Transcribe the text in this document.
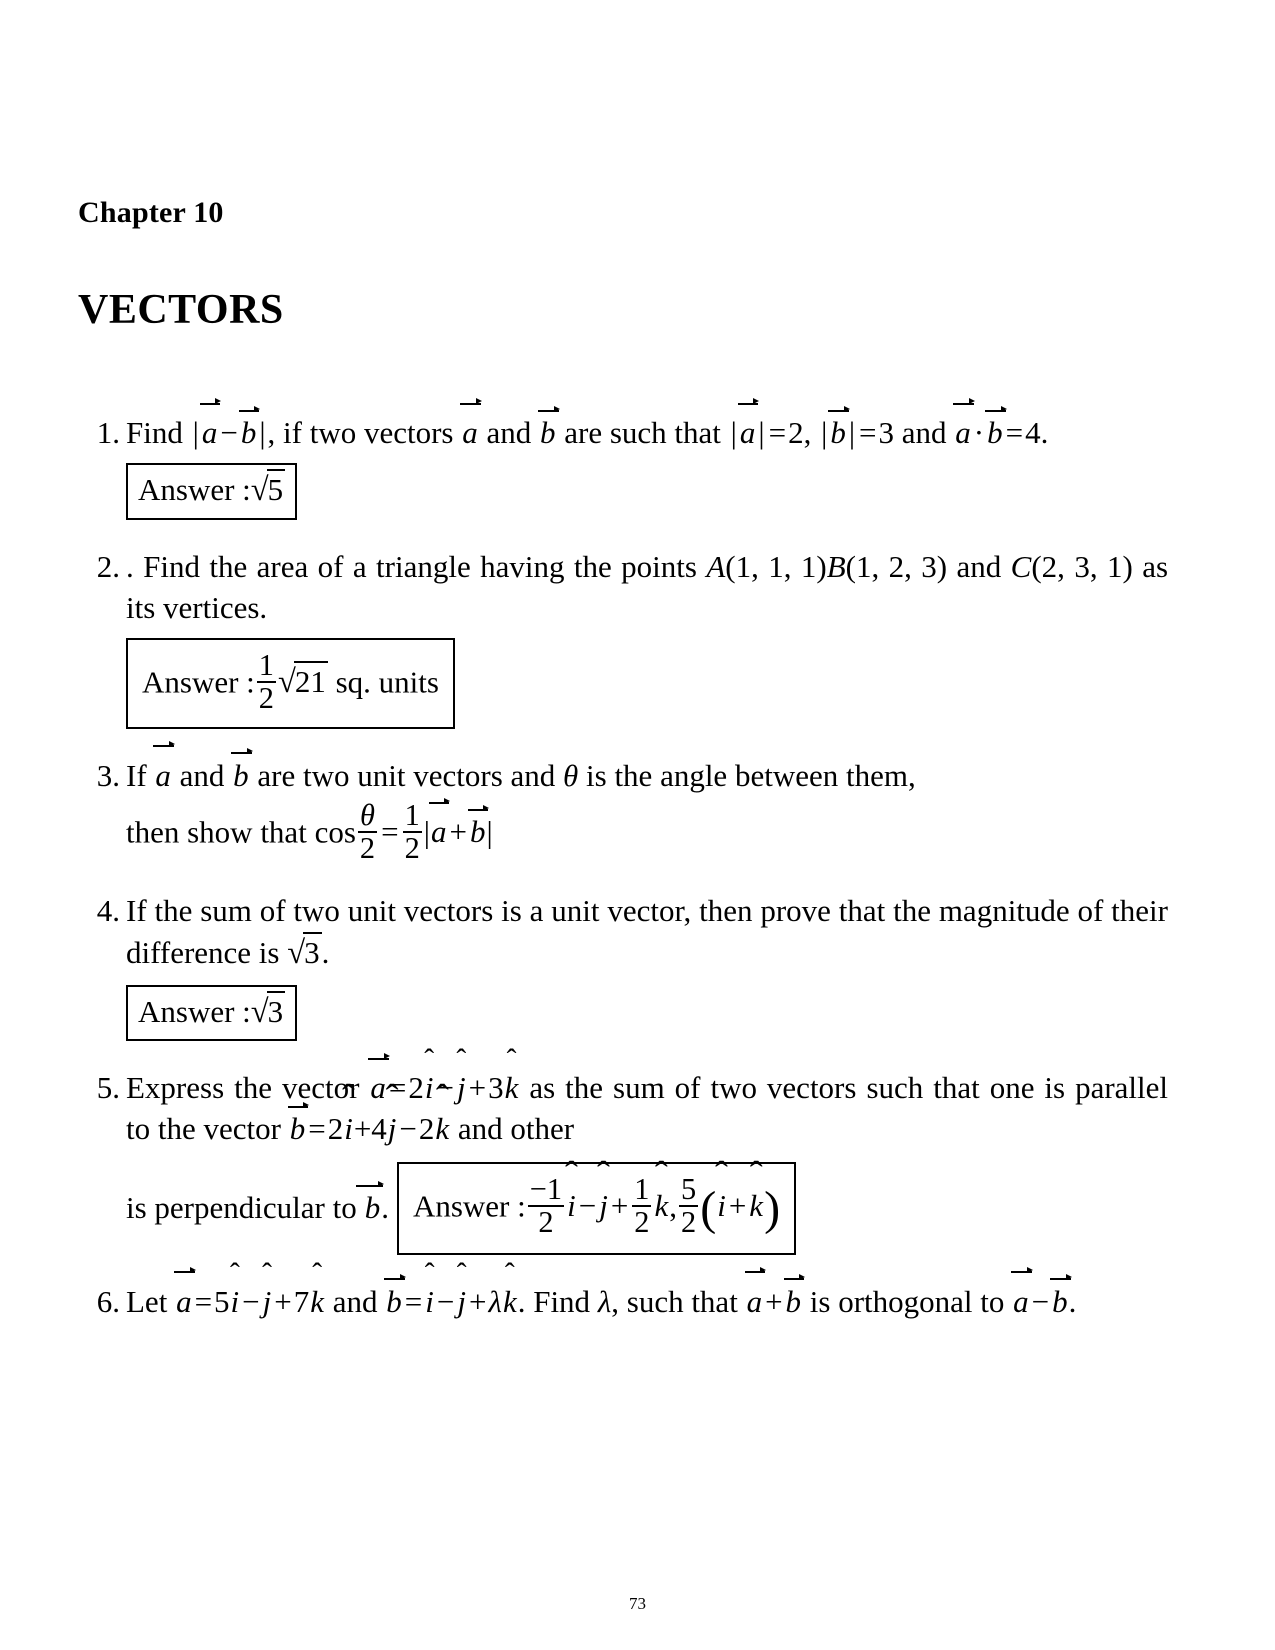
Chapter 10
VECTORS
1. Find |a−b|, if two vectors a and b are such that |a| =2, |b| =3 and a·b=4.
Answer :√5
2. . Find the area of a triangle having the points A(1, 1, 1)B(1, 2, 3) and C(2, 3, 1) as its vertices.
Answer : $\frac{1}{2} √21$ sq. units
3. If a and b are two unit vectors and θ is the angle between them,
then show that $\cos \frac{\theta}{2} = \frac{1}{2} |a+b|$
4. If the sum of two unit vectors is a unit vector, then prove that the magnitude of their difference is √3.
Answer :√3
5. Express the vector a=2i ˆ−j ˆ+3k ˆ as the sum of two vectors such that one is parallel to the vector b=2i ˆ+4j ˆ−2k ˆ and other
is perpendicular to b . Answer : $\frac{-1}{2}$ i ˆ−j ˆ+ $\frac{1}{2}$ k ˆ, $\frac{5}{2} (i$ ˆ+k ˆ)
6. Let a=5i ˆ−j ˆ+7k ˆ and b=i ˆ−j ˆ+λk ˆ. Find λ, such that a+b is orthogonal to a−b.
73
